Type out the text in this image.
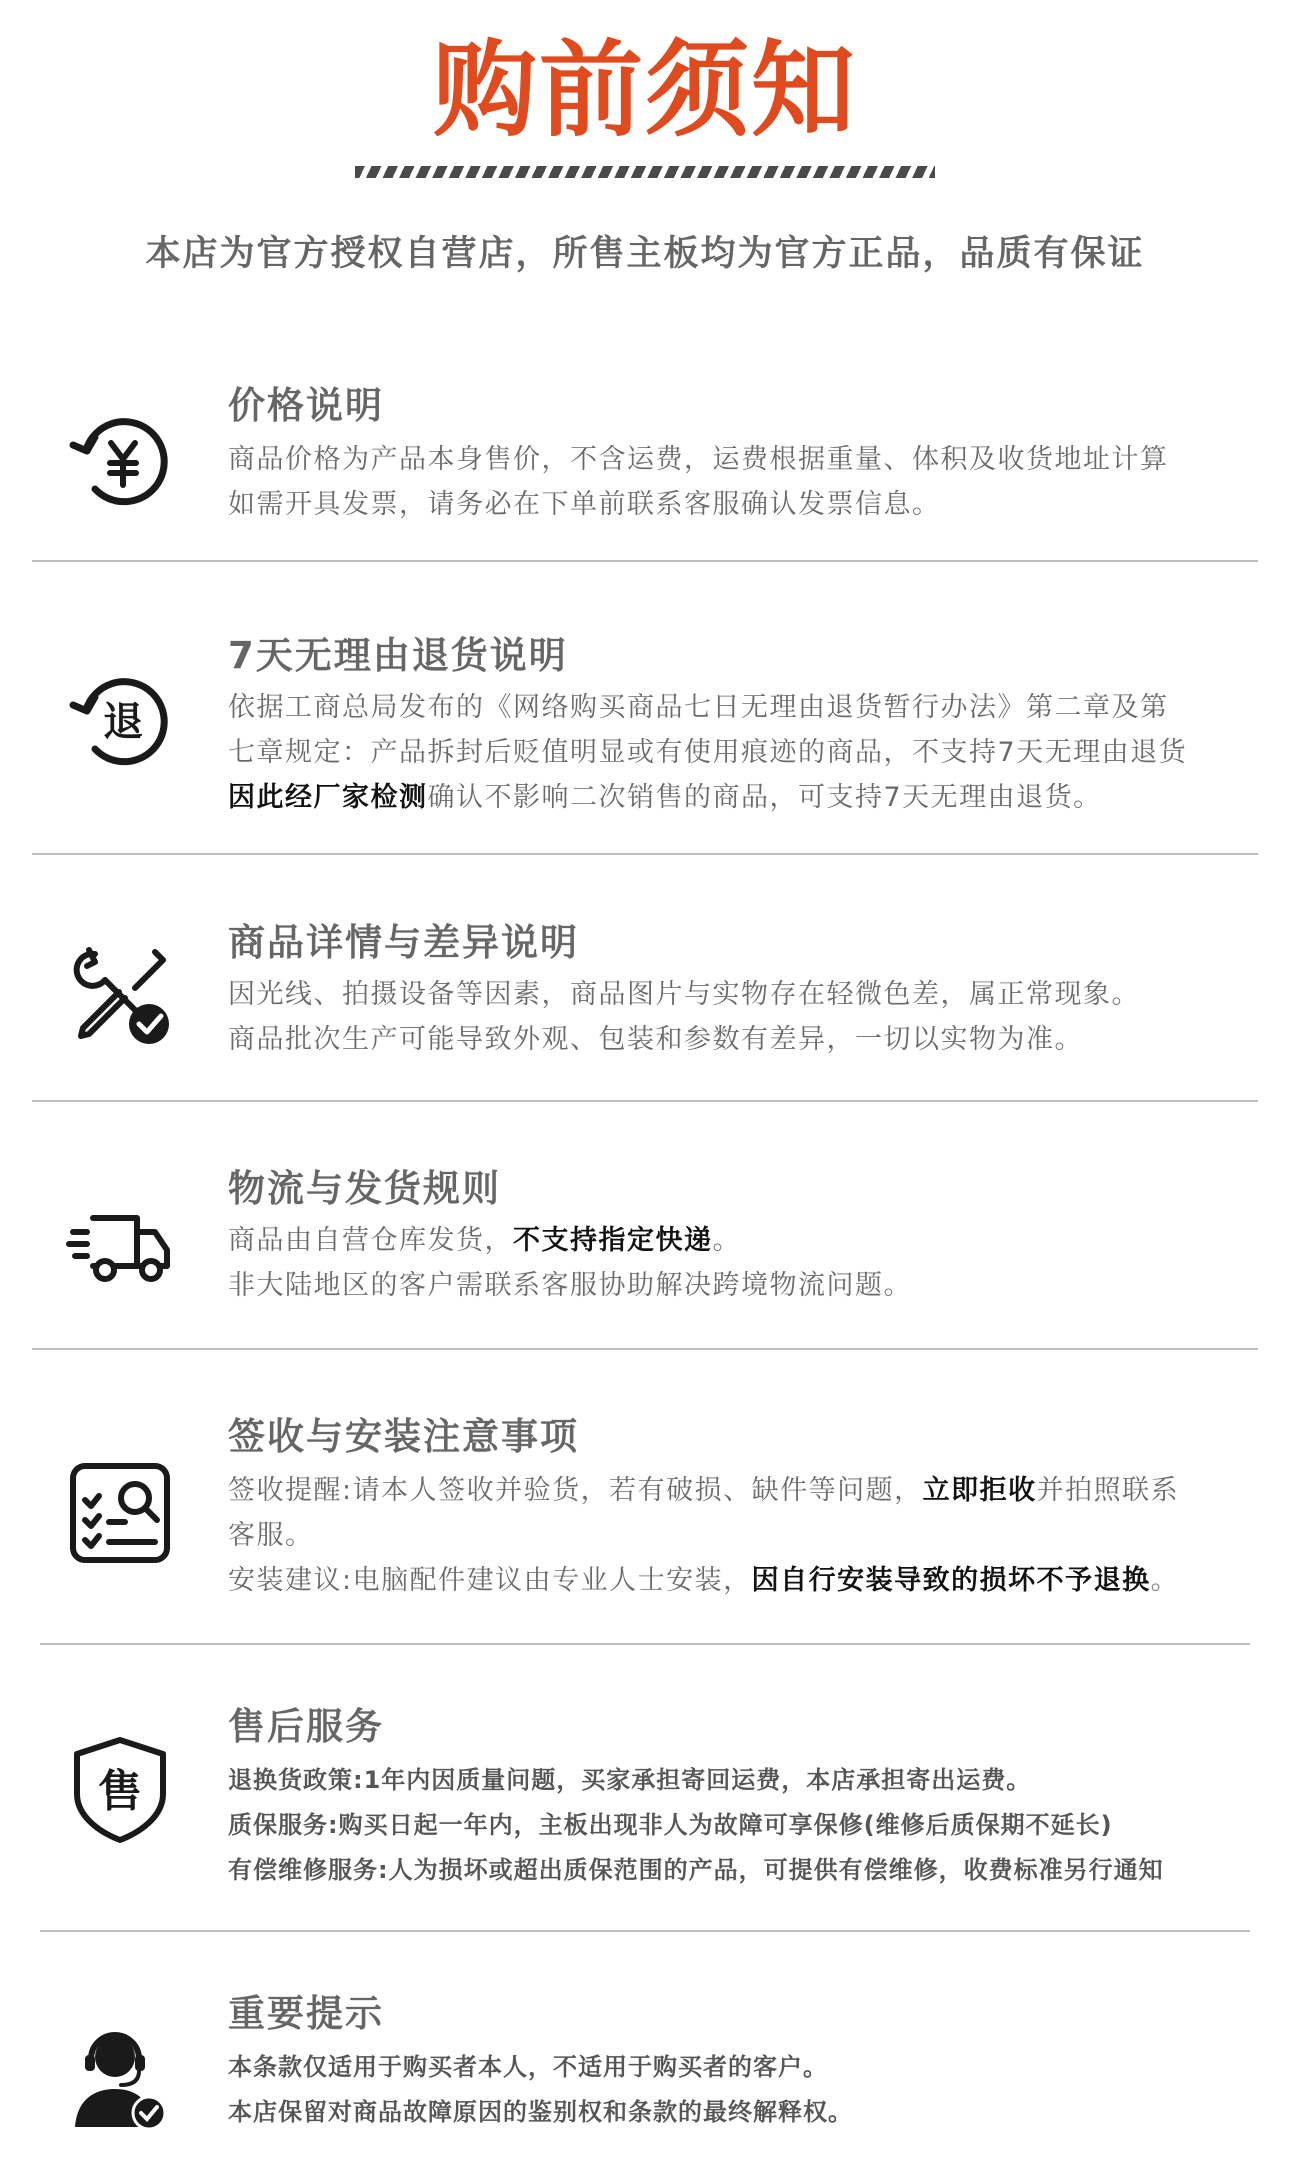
购前须知
本店为官方授权自营店，所售主板均为官方正品，品质有保证
价格说明
商品价格为产品本身售价，不含运费，运费根据重量、体积及收货地址计算
如需开具发票，请务必在下单前联系客服确认发票信息。
退
7天无理由退货说明
依据工商总局发布的《网络购买商品七日无理由退货暂行办法》第二章及第
七章规定：产品拆封后贬值明显或有使用痕迹的商品，不支持7天无理由退货
因此经厂家检测确认不影响二次销售的商品，可支持7天无理由退货。
商品详情与差异说明
因光线、拍摄设备等因素，商品图片与实物存在轻微色差，属正常现象。
商品批次生产可能导致外观、包装和参数有差异，一切以实物为准。
物流与发货规则
商品由自营仓库发货，不支持指定快递。
非大陆地区的客户需联系客服协助解决跨境物流问题。
签收与安装注意事项
签收提醒:请本人签收并验货，若有破损、缺件等问题，立即拒收并拍照联系
客服。
安装建议:电脑配件建议由专业人士安装，因自行安装导致的损坏不予退换。
售
售后服务
退换货政策:1年内因质量问题，买家承担寄回运费，本店承担寄出运费。
质保服务:购买日起一年内，主板出现非人为故障可享保修(维修后质保期不延长)
有偿维修服务:人为损坏或超出质保范围的产品，可提供有偿维修，收费标准另行通知
重要提示
本条款仅适用于购买者本人，不适用于购买者的客户。
本店保留对商品故障原因的鉴别权和条款的最终解释权。
